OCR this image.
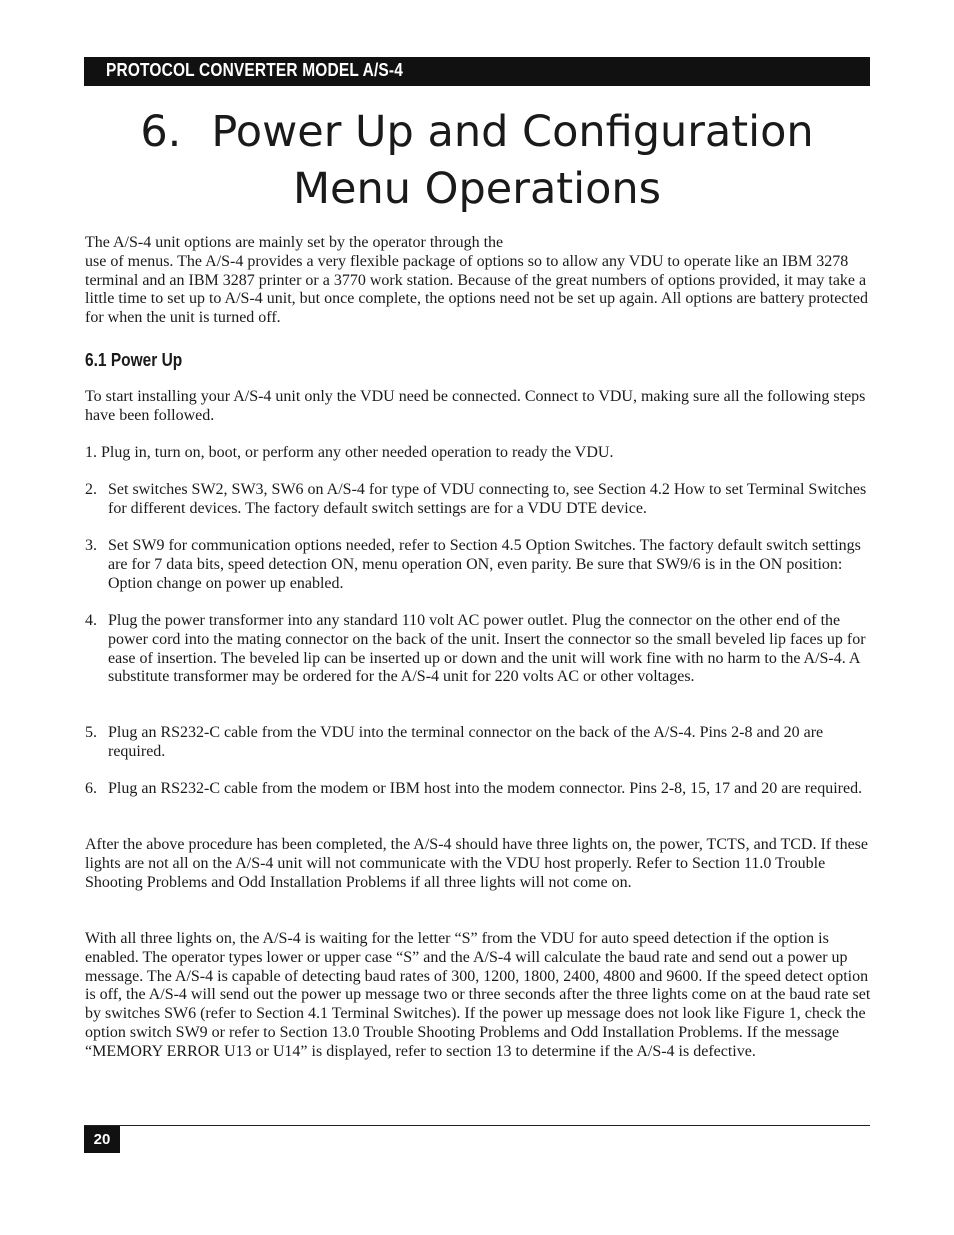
PROTOCOL CONVERTER MODEL A/S-4
6. Power Up and Configuration
Menu Operations
The A/S-4 unit options are mainly set by the operator through the
use of menus. The A/S-4 provides a very flexible package of options so to allow any VDU to operate like an IBM 3278 terminal and an IBM 3287 printer or a 3770 work station. Because of the great numbers of options provided, it may take a little time to set up to A/S-4 unit, but once complete, the options need not be set up again. All options are battery protected for when the unit is turned off.
6.1 Power Up

To start installing your A/S-4 unit only the VDU need be connected. Connect to VDU, making sure all the following steps have been followed.

1. Plug in, turn on, boot, or perform any other needed operation to ready the VDU.
2. Set switches SW2, SW3, SW6 on A/S-4 for type of VDU connecting to, see Section 4.2 How to set Terminal Switches for different devices. The factory default switch settings are for a VDU DTE device.
3. Set SW9 for communication options needed, refer to Section 4.5 Option Switches. The factory default switch settings are for 7 data bits, speed detection ON, menu operation ON, even parity. Be sure that SW9/6 is in the ON position: Option change on power up enabled.
4. Plug the power transformer into any standard 110 volt AC power outlet. Plug the connector on the other end of the power cord into the mating connector on the back of the unit. Insert the connector so the small beveled lip faces up for ease of insertion. The beveled lip can be inserted up or down and the unit will work fine with no harm to the A/S-4. A substitute transformer may be ordered for the A/S-4 unit for 220 volts AC or other voltages.
5. Plug an RS232-C cable from the VDU into the terminal connector on the back of the A/S-4. Pins 2-8 and 20 are required.
6. Plug an RS232-C cable from the modem or IBM host into the modem connector. Pins 2-8, 15, 17 and 20 are required.

After the above procedure has been completed, the A/S-4 should have three lights on, the power, TCTS, and TCD. If these lights are not all on the A/S-4 unit will not communicate with the VDU host properly. Refer to Section 11.0 Trouble Shooting Problems and Odd Installation Problems if all three lights will not come on.

With all three lights on, the A/S-4 is waiting for the letter “S” from the VDU for auto speed detection if the option is enabled. The operator types lower or upper case “S” and the A/S-4 will calculate the baud rate and send out a power up message. The A/S-4 is capable of detecting baud rates of 300, 1200, 1800, 2400, 4800 and 9600. If the speed detect option is off, the A/S-4 will send out the power up message two or three seconds after the three lights come on at the baud rate set by switches SW6 (refer to Section 4.1 Terminal Switches). If the power up message does not look like Figure 1, check the option switch SW9 or refer to Section 13.0 Trouble Shooting Problems and Odd Installation Problems. If the message “MEMORY ERROR U13 or U14” is displayed, refer to section 13 to determine if the A/S-4 is defective.

20
